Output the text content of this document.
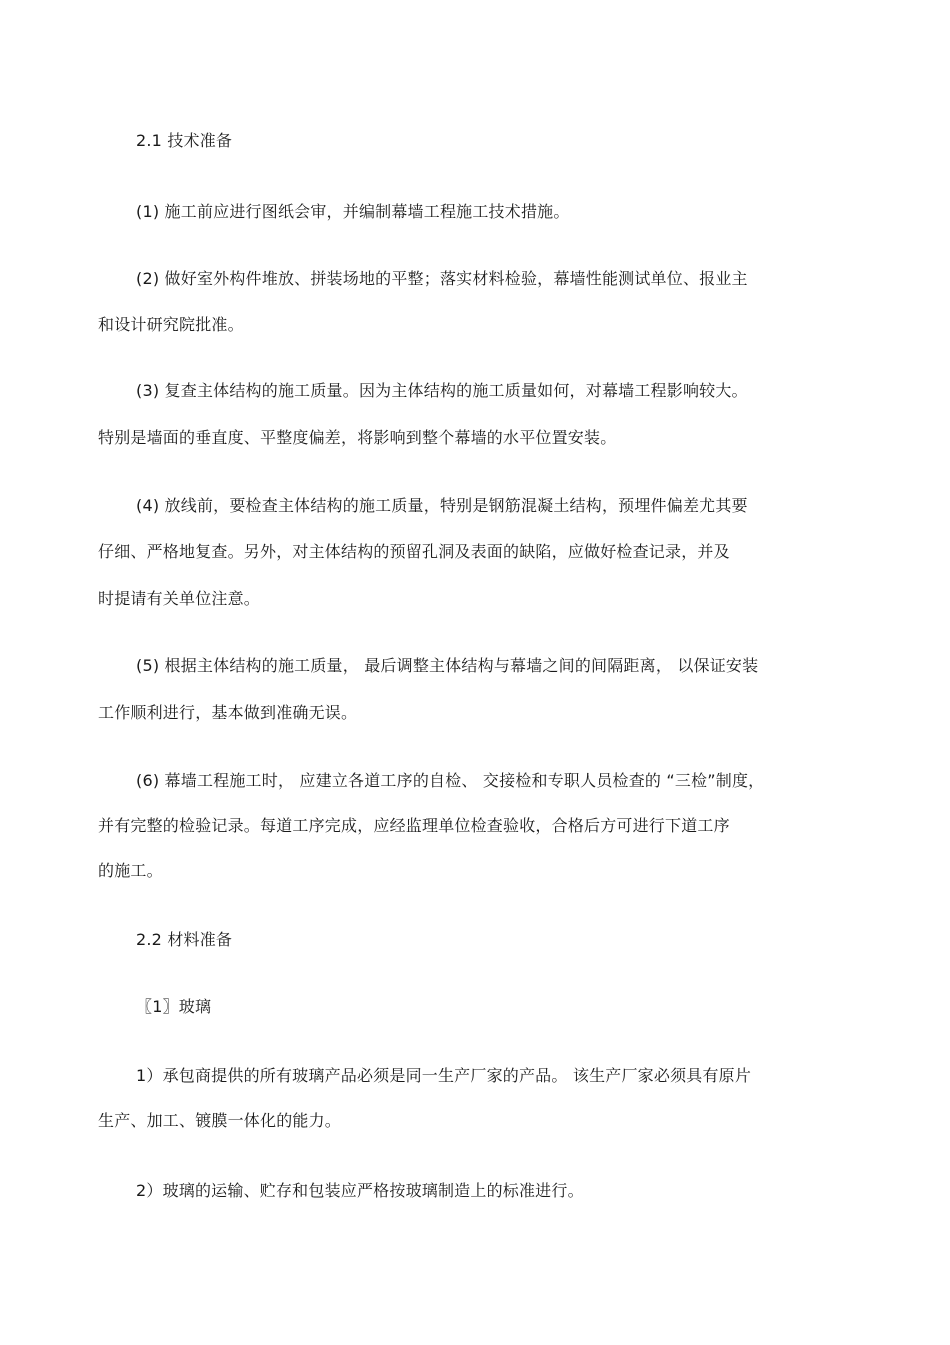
2.1 技术准备
(1) 施工前应进行图纸会审，并编制幕墙工程施工技术措施。
(2) 做好室外构件堆放、拼装场地的平整；落实材料检验，幕墙性能测试单位、报业主
和设计研究院批准。
(3) 复查主体结构的施工质量。因为主体结构的施工质量如何，对幕墙工程影响较大。
特别是墙面的垂直度、平整度偏差，将影响到整个幕墙的水平位置安装。
(4) 放线前，要检查主体结构的施工质量，特别是钢筋混凝土结构，预埋件偏差尤其要
仔细、严格地复查。另外，对主体结构的预留孔洞及表面的缺陷，应做好检查记录，并及
时提请有关单位注意。
(5) 根据主体结构的施工质量， 最后调整主体结构与幕墙之间的间隔距离， 以保证安装
工作顺利进行，基本做到准确无误。
(6) 幕墙工程施工时， 应建立各道工序的自检、 交接检和专职人员检查的 “三检”制度，
并有完整的检验记录。每道工序完成，应经监理单位检查验收，合格后方可进行下道工序
的施工。
2.2 材料准备
〖1〗玻璃
1）承包商提供的所有玻璃产品必须是同一生产厂家的产品。 该生产厂家必须具有原片
生产、加工、镀膜一体化的能力。
2）玻璃的运输、贮存和包装应严格按玻璃制造上的标准进行。
